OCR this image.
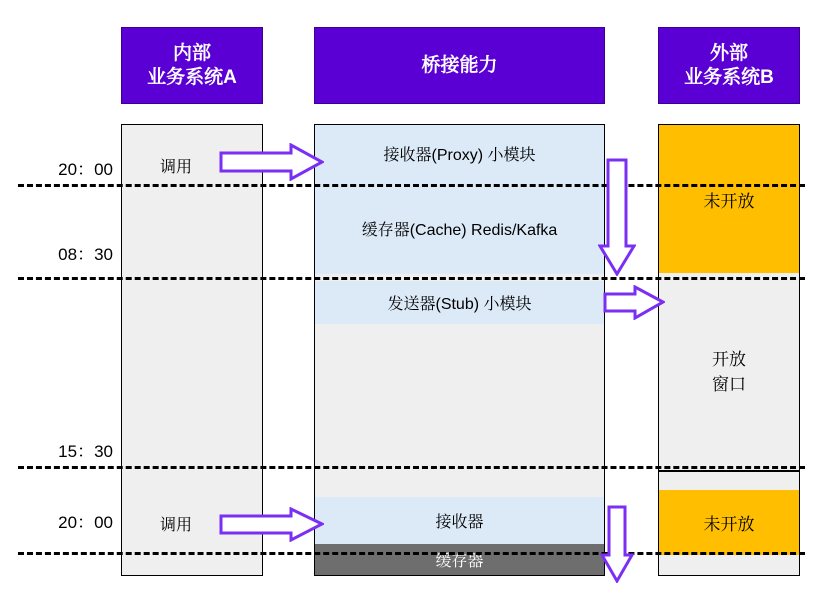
内部
业务系统A
桥接能力
外部
业务系统B
接收器(Proxy) 小模块
缓存器(Cache) Redis/Kafka
发送器(Stub) 小模块
接收器
缓存器
未开放
开放
窗口
未开放
20：00
08：30
15：30
20：00
调用
调用
